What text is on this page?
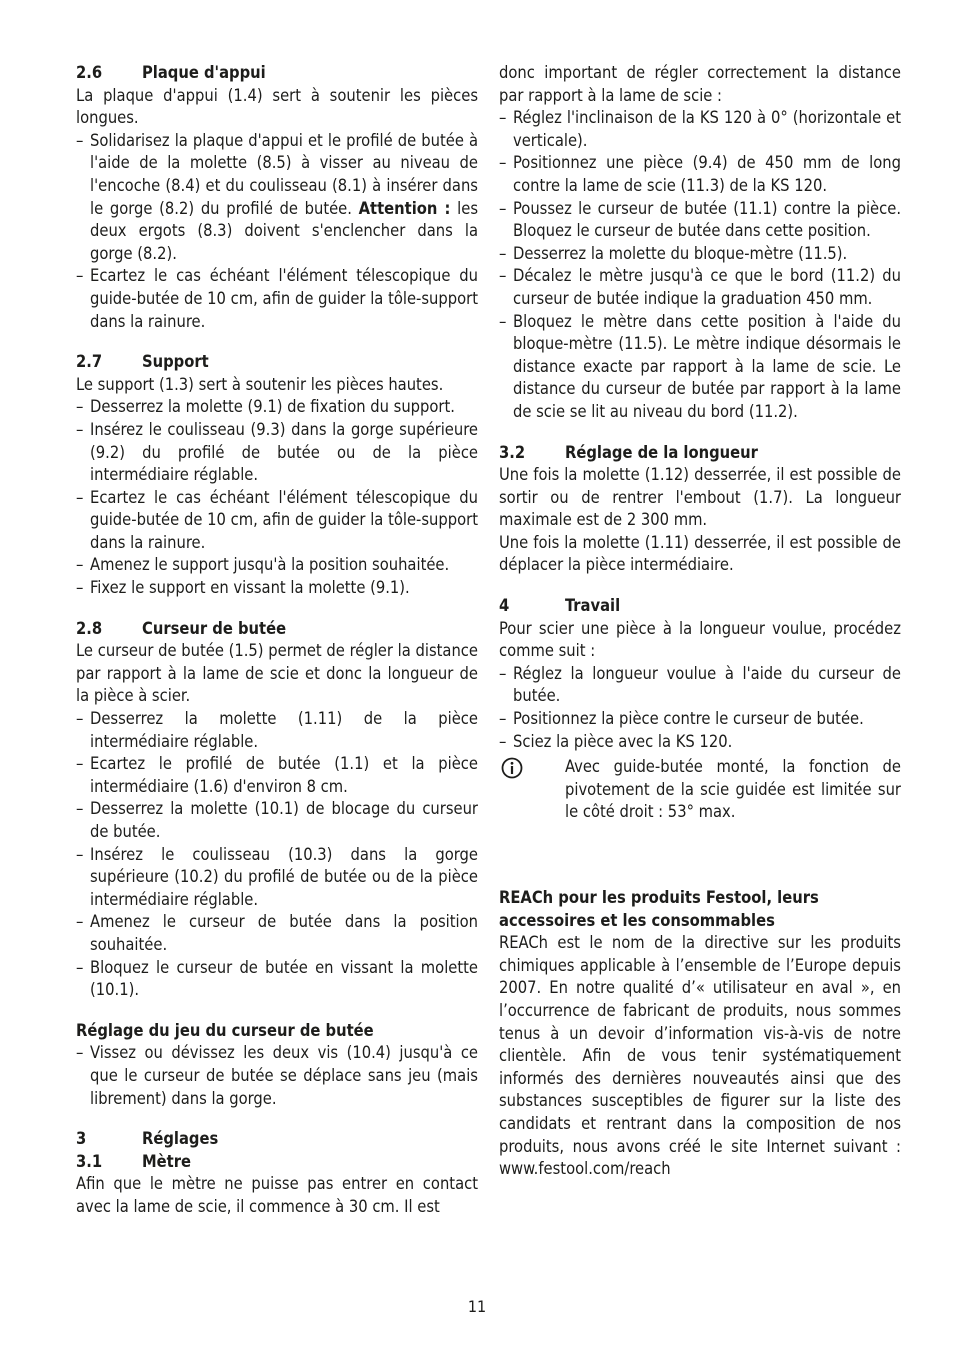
2.6 Plaque d'appui

La plaque d'appui (1.4) sert à soutenir les pièces longues.

– Solidarisez la plaque d'appui et le profilé de butée à l'aide de la molette (8.5) à visser au niveau de l'encoche (8.4) et du coulisseau (8.1) à insérer dans le gorge (8.2) du profilé de butée. Attention : les deux ergots (8.3) doivent s'enclencher dans la gorge (8.2).
– Ecartez le cas échéant l'élément télescopique du guide-butée de 10 cm, afin de guider la tôle-support dans la rainure.
2.7 Support

Le support (1.3) sert à soutenir les pièces hautes.

– Desserrez la molette (9.1) de fixation du support.
– Insérez le coulisseau (9.3) dans la gorge supérieure (9.2) du profilé de butée ou de la pièce intermédiaire réglable.
– Ecartez le cas échéant l'élément télescopique du guide-butée de 10 cm, afin de guider la tôle-support dans la rainure.
– Amenez le support jusqu'à la position souhaitée.
– Fixez le support en vissant la molette (9.1).
2.8 Curseur de butée

Le curseur de butée (1.5) permet de régler la distance par rapport à la lame de scie et donc la longueur de la pièce à scier.

– Desserrez la molette (1.11) de la pièce intermédiaire réglable.
– Ecartez le profilé de butée (1.1) et la pièce intermédiaire (1.6) d'environ 8 cm.
– Desserrez la molette (10.1) de blocage du curseur de butée.
– Insérez le coulisseau (10.3) dans la gorge supérieure (10.2) du profilé de butée ou de la pièce intermédiaire réglable.
– Amenez le curseur de butée dans la position souhaitée.
– Bloquez le curseur de butée en vissant la molette (10.1).
Réglage du jeu du curseur de butée
– Vissez ou dévissez les deux vis (10.4) jusqu'à ce que le curseur de butée se déplace sans jeu (mais librement) dans la gorge.
3	Réglages
3.1 Mètre

Afin que le mètre ne puisse pas entrer en contact avec la lame de scie, il commence à 30 cm. Il est

donc important de régler correctement la distance par rapport à la lame de scie :

– Réglez l'inclinaison de la KS 120 à 0° (horizontale et verticale).
– Positionnez une pièce (9.4) de 450 mm de long contre la lame de scie (11.3) de la KS 120.
– Poussez le curseur de butée (11.1) contre la pièce. Bloquez le curseur de butée dans cette position.
– Desserrez la molette du bloque-mètre (11.5).
– Décalez le mètre jusqu'à ce que le bord (11.2) du curseur de butée indique la graduation 450 mm.
– Bloquez le mètre dans cette position à l'aide du bloque-mètre (11.5). Le mètre indique désormais le distance exacte par rapport à la lame de scie. Le distance du curseur de butée par rapport à la lame de scie se lit au niveau du bord (11.2).
3.2 Réglage de la longueur

Une fois la molette (1.12) desserrée, il est possible de sortir ou de rentrer l'embout (1.7). La longueur maximale est de 2 300 mm.

Une fois la molette (1.11) desserrée, il est possible de déplacer la pièce intermédiaire.

4	Travail

Pour scier une pièce à la longueur voulue, procédez comme suit :

– Réglez la longueur voulue à l'aide du curseur de butée.
– Positionnez la pièce contre le curseur de butée.
– Sciez la pièce avec la KS 120.
Avec guide-butée monté, la fonction de pivotement de la scie guidée est limitée sur le côté droit : 53° max.
REACh pour les produits Festool, leurs accessoires et les consommables

REACh est le nom de la directive sur les produits chimiques applicable à l’ensemble de l’Europe depuis 2007. En notre qualité d’« utilisateur en aval », en l’occurrence de fabricant de produits, nous sommes tenus à un devoir d’information vis-à-vis de notre clientèle. Afin de vous tenir systématiquement informés des dernières nouveautés ainsi que des substances susceptibles de figurer sur la liste des candidats et rentrant dans la composition de nos produits, nous avons créé le site Internet suivant : www.festool.com/reach

11
